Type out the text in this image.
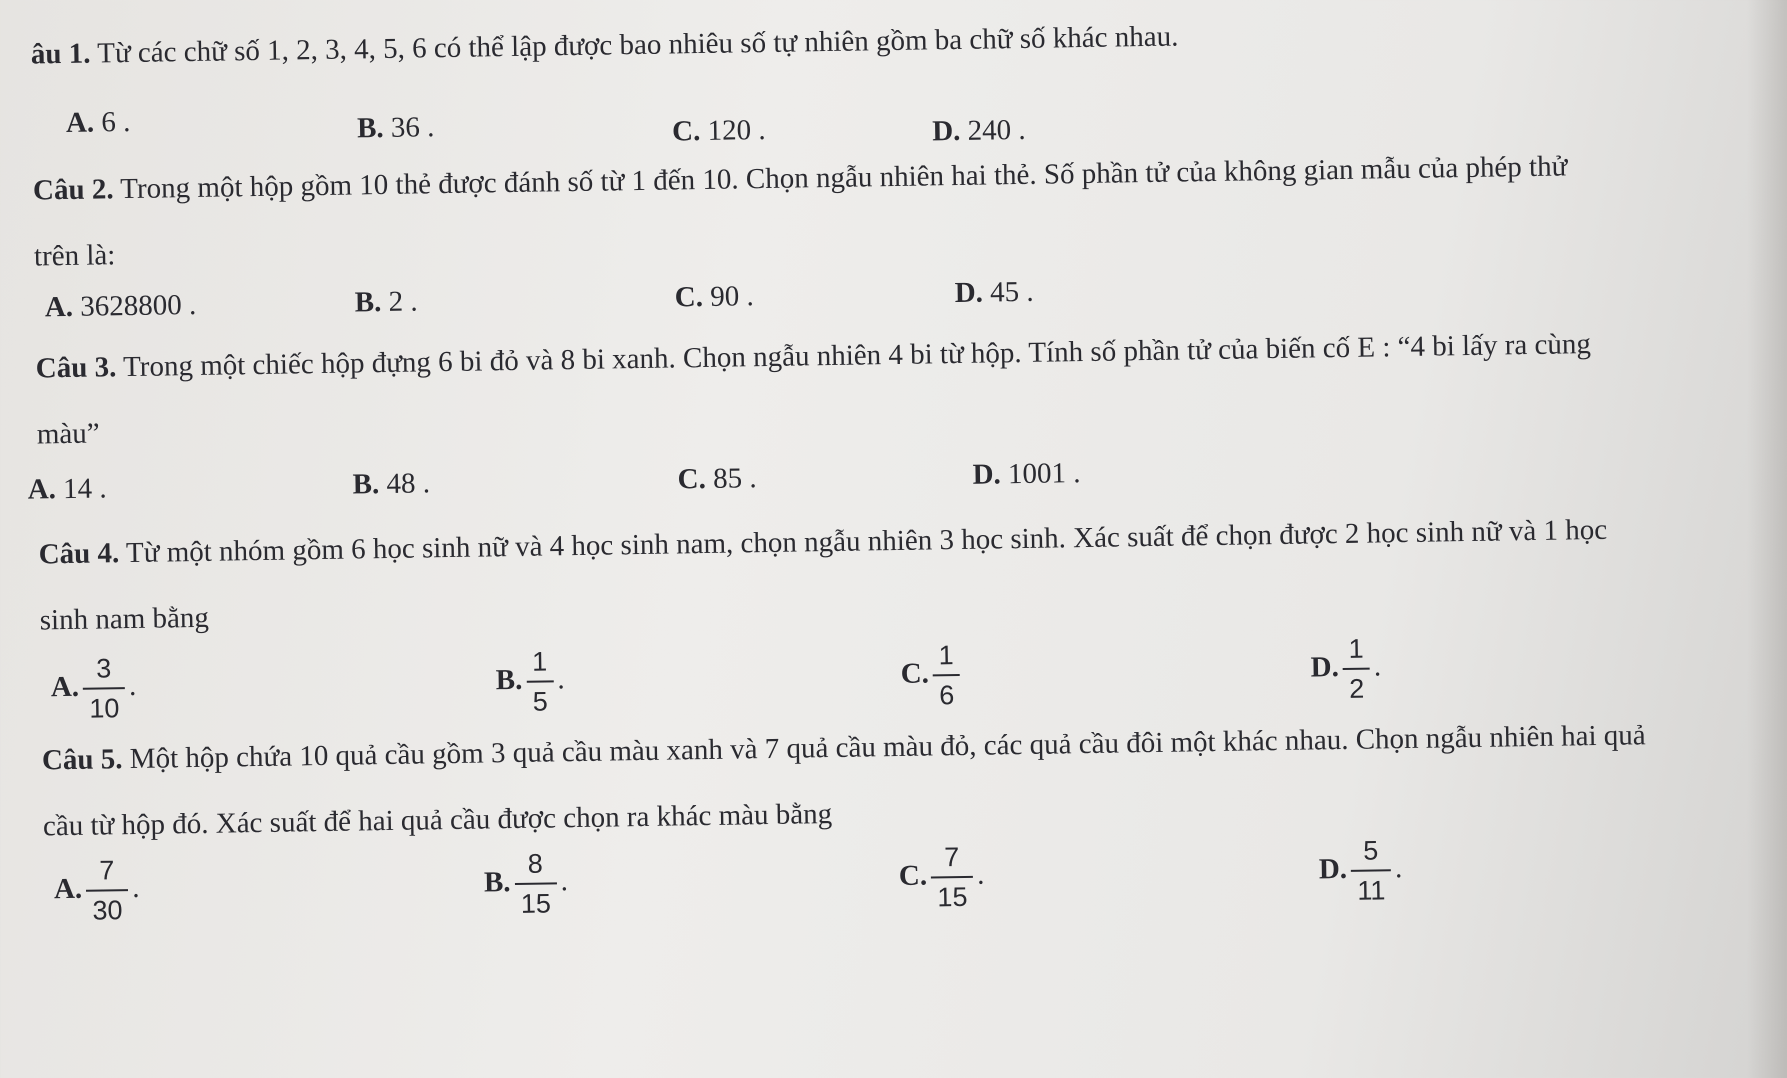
âu 1. Từ các chữ số 1, 2, 3, 4, 5, 6 có thể lập được bao nhiêu số tự nhiên gồm ba chữ số khác nhau.
A. 6 .	B. 36 .	C. 120 .	D. 240 .
Câu 2. Trong một hộp gồm 10 thẻ được đánh số từ 1 đến 10. Chọn ngẫu nhiên hai thẻ. Số phần tử của không gian mẫu của phép thử trên là:
A. 3628800 .	B. 2 .	C. 90 .	D. 45 .
Câu 3. Trong một chiếc hộp đựng 6 bi đỏ và 8 bi xanh. Chọn ngẫu nhiên 4 bi từ hộp. Tính số phần tử của biến cố E : “4 bi lấy ra cùng màu”
A. 14 .	B. 48 .	C. 85 .	D. 1001 .
Câu 4. Từ một nhóm gồm 6 học sinh nữ và 4 học sinh nam, chọn ngẫu nhiên 3 học sinh. Xác suất để chọn được 2 học sinh nữ và 1 học sinh nam bằng
A. $\frac{3}{10}$ .	B. $\frac{1}{5}$ .	C. $\frac{1}{6}$	D. $\frac{1}{2}$ .
Câu 5. Một hộp chứa 10 quả cầu gồm 3 quả cầu màu xanh và 7 quả cầu màu đỏ, các quả cầu đôi một khác nhau. Chọn ngẫu nhiên hai quả cầu từ hộp đó. Xác suất để hai quả cầu được chọn ra khác màu bằng
A. $\frac{7}{30}$ .	B. $\frac{8}{15}$ .	C. $\frac{7}{15}$ .	D. $\frac{5}{11}$ .
